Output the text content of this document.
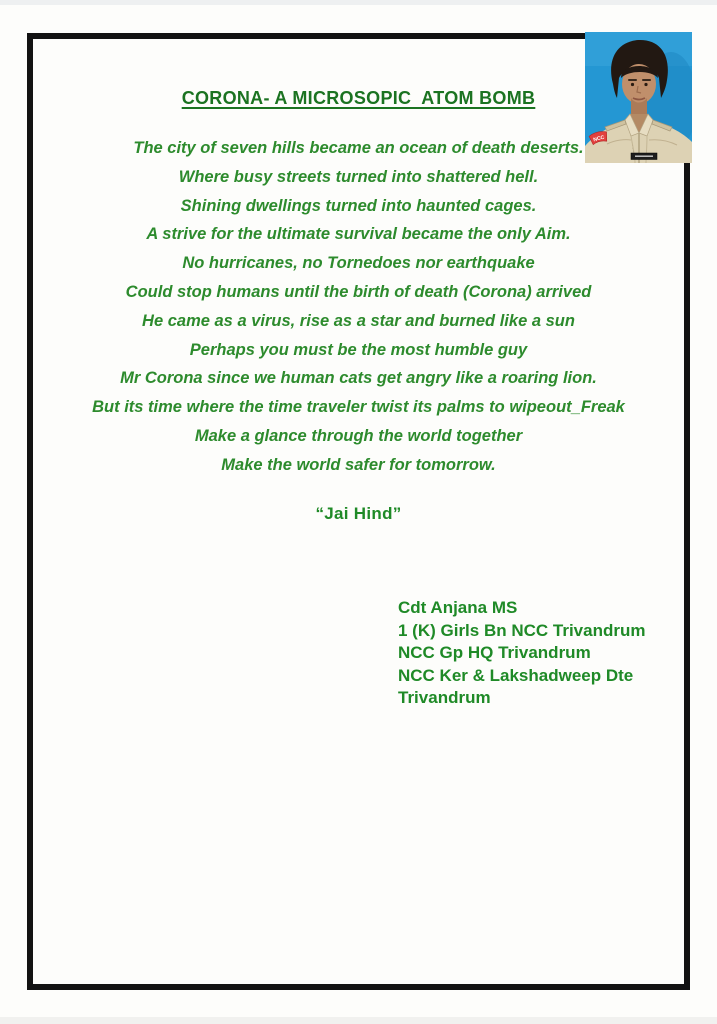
CORONA- A MICROSOPIC  ATOM BOMB
The city of seven hills became an ocean of death deserts.
Where busy streets turned into shattered hell.
Shining dwellings turned into haunted cages.
A strive for the ultimate survival became the only Aim.
No hurricanes, no Tornedoes nor earthquake
Could stop humans until the birth of death (Corona) arrived
He came as a virus, rise as a star and burned like a sun
Perhaps you must be the most humble guy
Mr Corona since we human cats get angry like a roaring lion.
But its time where the time traveler twist its palms to wipeout_Freak
Make a glance through the world together
Make the world safer for tomorrow.
“Jai Hind”
Cdt Anjana MS
1 (K) Girls Bn NCC Trivandrum
NCC Gp HQ Trivandrum
NCC Ker & Lakshadweep Dte
Trivandrum
NCC
